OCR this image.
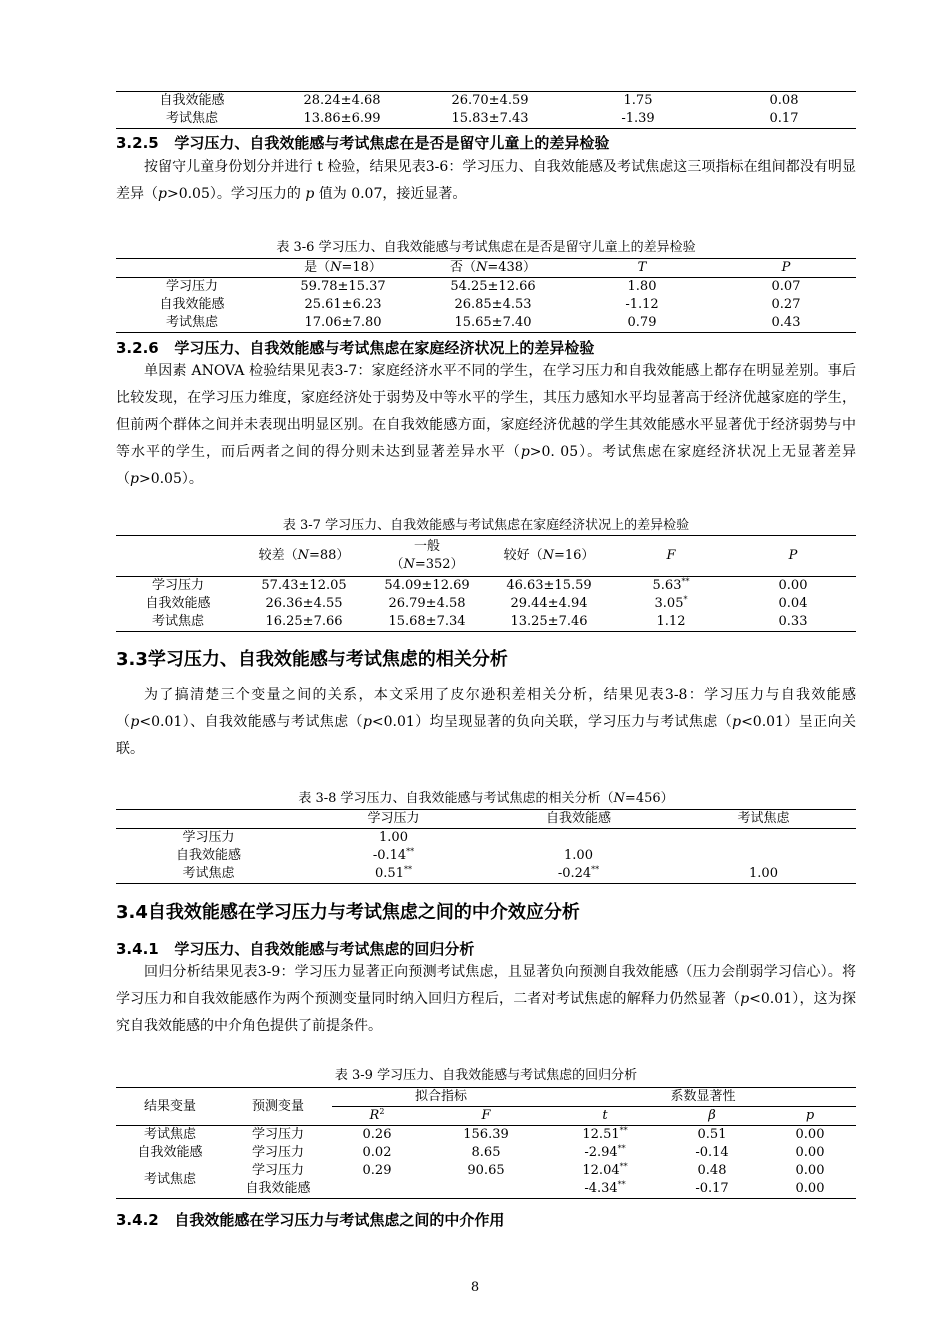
自我效能感	28.24±4.68	26.70±4.59	1.75	0.08
考试焦虑	13.86±6.99	15.83±7.43	-1.39	0.17
3.2.5 学习压力、自我效能感与考试焦虑在是否是留守儿童上的差异检验

按留守儿童身份划分并进行 t 检验，结果见表3-6：学习压力、自我效能感及考试焦虑这三项指标在组间都没有明显差异（p>0.05）。学习压力的 p 值为 0.07，接近显著。

表 3-6 学习压力、自我效能感与考试焦虑在是否是留守儿童上的差异检验
	是（N=18）	否（N=438）	T	P
学习压力	59.78±15.37	54.25±12.66	1.80	0.07
自我效能感	25.61±6.23	26.85±4.53	-1.12	0.27
考试焦虑	17.06±7.80	15.65±7.40	0.79	0.43
3.2.6 学习压力、自我效能感与考试焦虑在家庭经济状况上的差异检验

单因素 ANOVA 检验结果见表3-7：家庭经济水平不同的学生，在学习压力和自我效能感上都存在明显差别。事后比较发现，在学习压力维度，家庭经济处于弱势及中等水平的学生，其压力感知水平均显著高于经济优越家庭的学生，但前两个群体之间并未表现出明显区别。在自我效能感方面，家庭经济优越的学生其效能感水平显著优于经济弱势与中等水平的学生，而后两者之间的得分则未达到显著差异水平（p>0. 05）。考试焦虑在家庭经济状况上无显著差异（p>0.05）。

表 3-7 学习压力、自我效能感与考试焦虑在家庭经济状况上的差异检验
	较差（N=88）	一般
（N=352）	较好（N=16）	F	P
学习压力	57.43±12.05	54.09±12.69	46.63±15.59	5.63**	0.00
自我效能感	26.36±4.55	26.79±4.58	29.44±4.94	3.05*	0.04
考试焦虑	16.25±7.66	15.68±7.34	13.25±7.46	1.12	0.33
3.3学习压力、自我效能感与考试焦虑的相关分析

为了搞清楚三个变量之间的关系，本文采用了皮尔逊积差相关分析，结果见表3-8：学习压力与自我效能感（p<0.01）、自我效能感与考试焦虑（p<0.01）均呈现显著的负向关联，学习压力与考试焦虑（p<0.01）呈正向关联。

表 3-8 学习压力、自我效能感与考试焦虑的相关分析（N=456）
	学习压力	自我效能感	考试焦虑
学习压力	1.00		
自我效能感	-0.14**	1.00	
考试焦虑	0.51**	-0.24**	1.00
3.4自我效能感在学习压力与考试焦虑之间的中介效应分析
3.4.1 学习压力、自我效能感与考试焦虑的回归分析

回归分析结果见表3-9：学习压力显著正向预测考试焦虑，且显著负向预测自我效能感（压力会削弱学习信心）。将学习压力和自我效能感作为两个预测变量同时纳入回归方程后，二者对考试焦虑的解释力仍然显著（p<0.01），这为探究自我效能感的中介角色提供了前提条件。

表 3-9 学习压力、自我效能感与考试焦虑的回归分析
结果变量	预测变量	拟合指标		系数显著性		
		$R^2$	F	t	β	p
考试焦虑	学习压力	0.26	156.39	12.51**	0.51	0.00
自我效能感	学习压力	0.02	8.65	-2.94**	-0.14	0.00
考试焦虑	学习压力	0.29	90.65	12.04**	0.48	0.00
	自我效能感			-4.34**	-0.17	0.00
3.4.2 自我效能感在学习压力与考试焦虑之间的中介作用
8
